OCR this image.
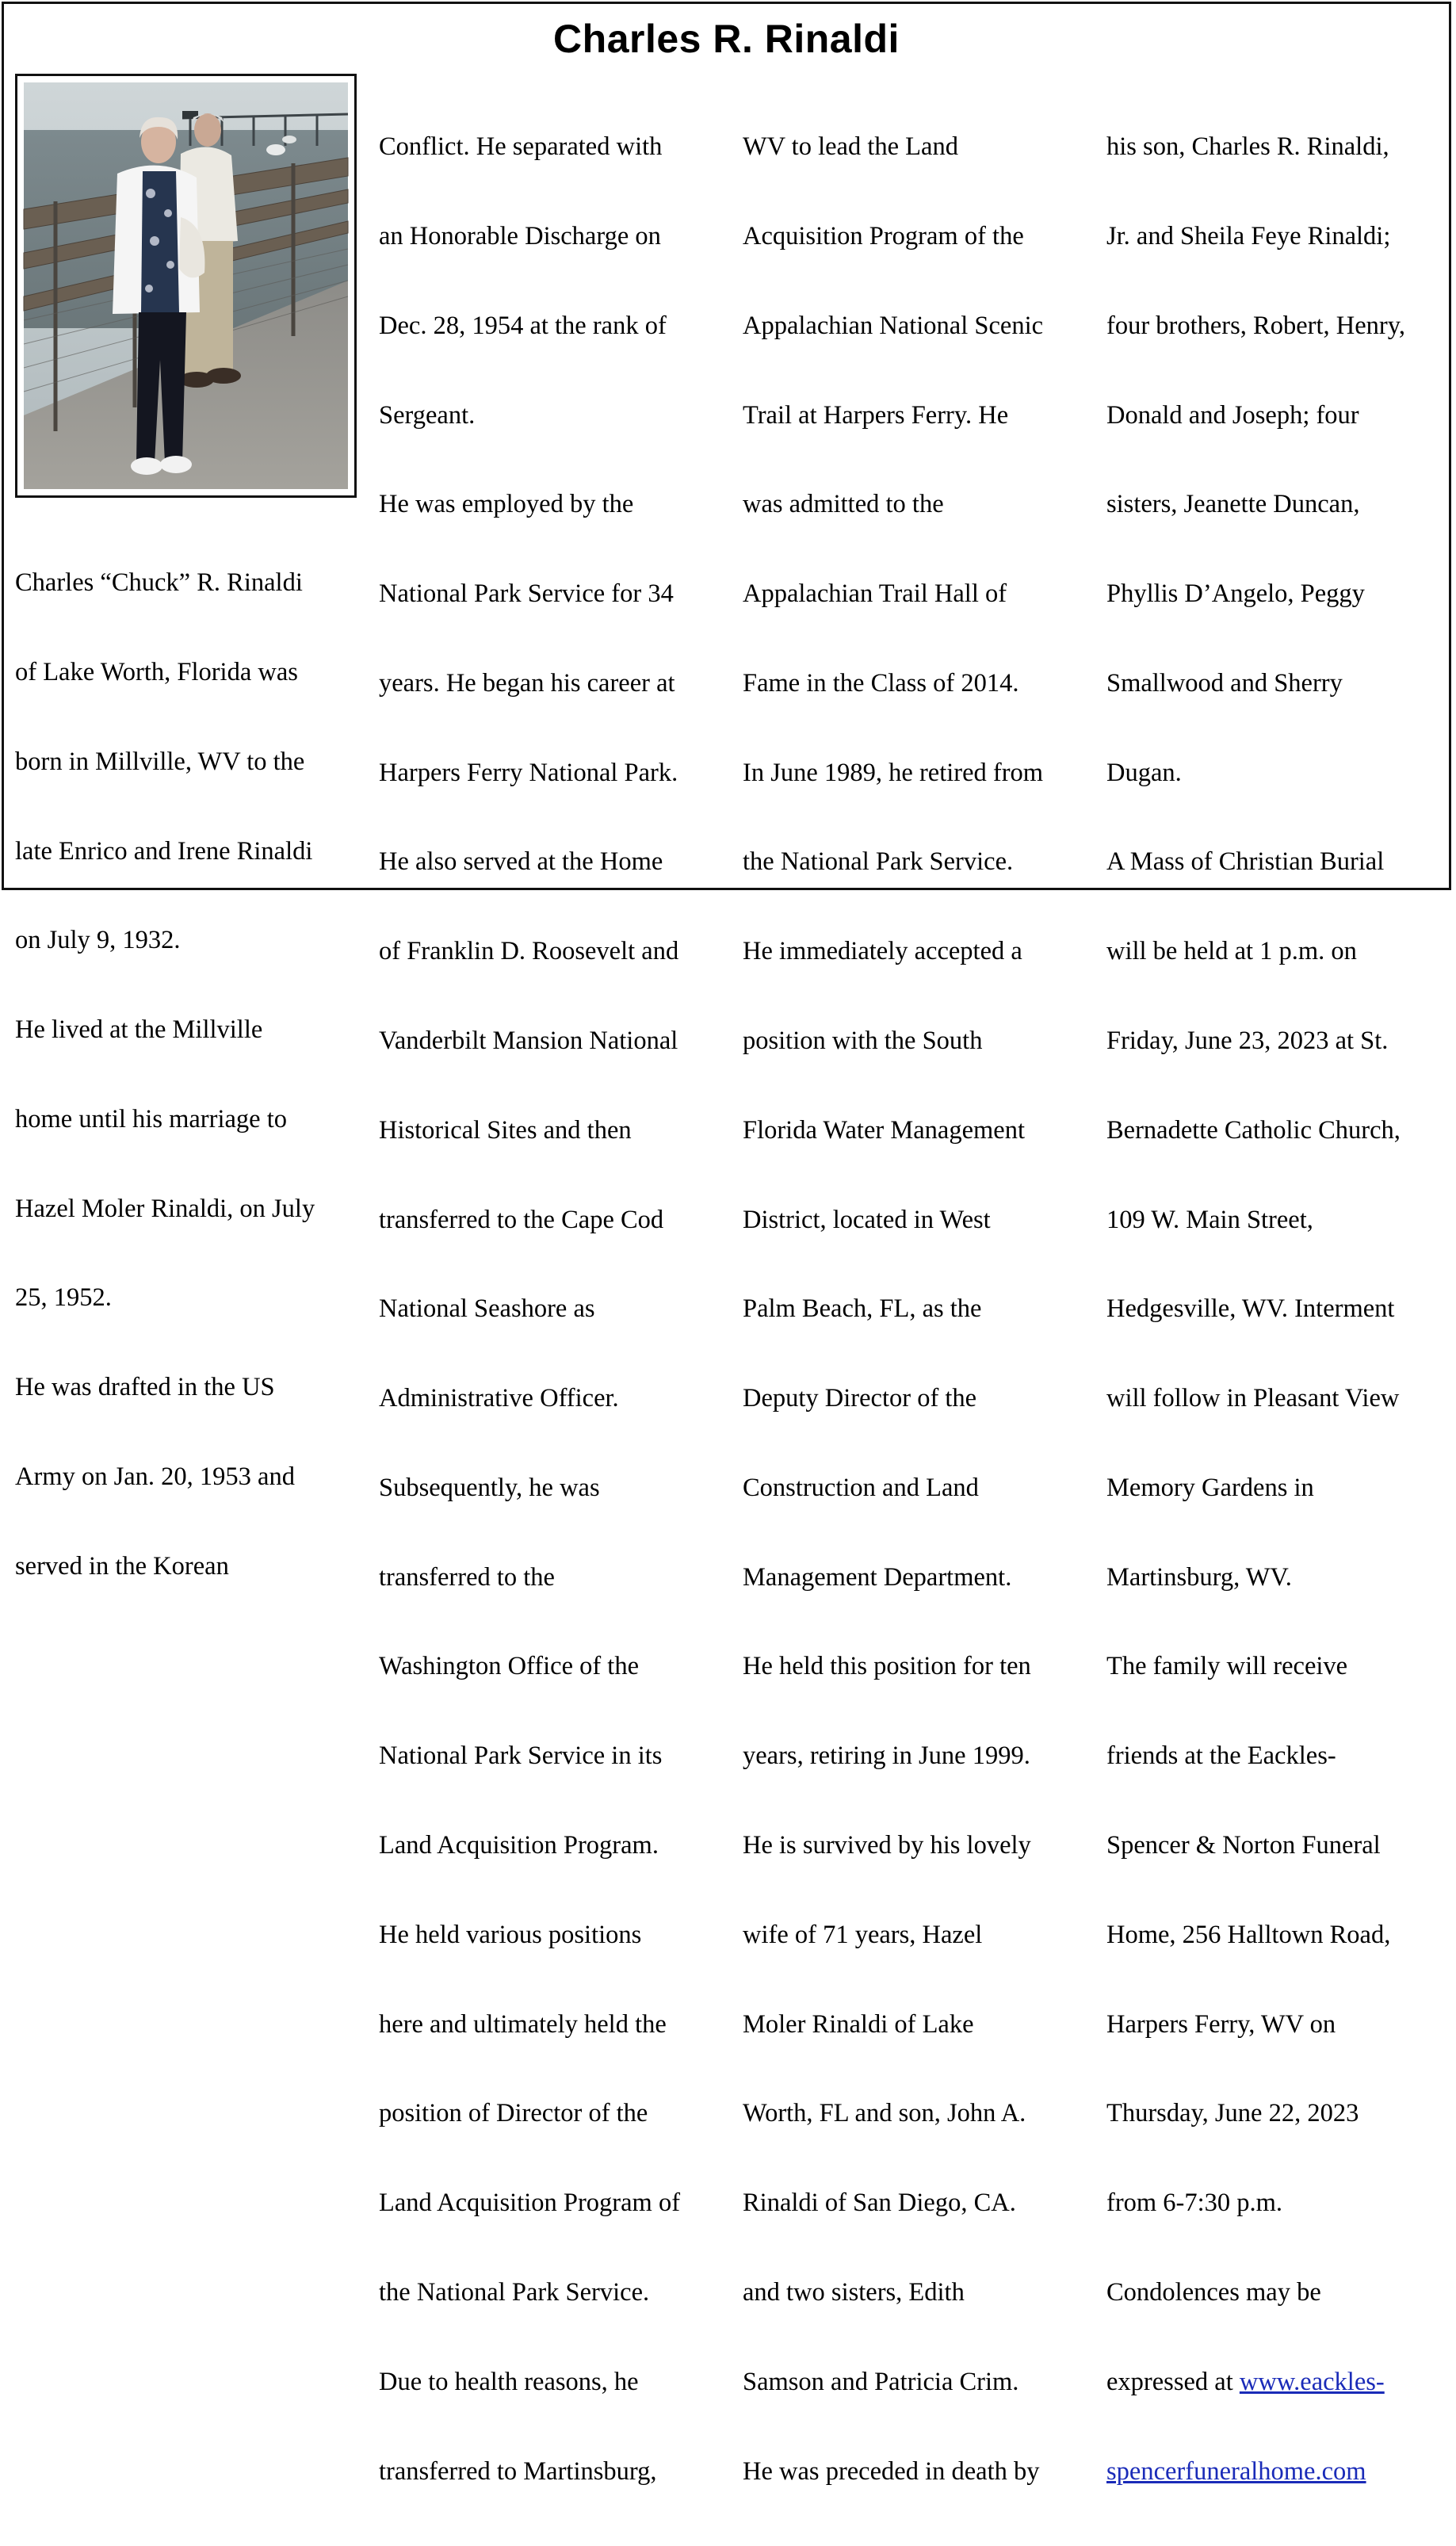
Charles R. Rinaldi

Charles “Chuck” R. Rinaldi

of Lake Worth, Florida was

born in Millville, WV to the

late Enrico and Irene Rinaldi

on July 9, 1932.

He lived at the Millville

home until his marriage to

Hazel Moler Rinaldi, on July

25, 1952.

He was drafted in the US

Army on Jan. 20, 1953 and

served in the Korean

Conflict. He separated with

an Honorable Discharge on

Dec. 28, 1954 at the rank of

Sergeant.

He was employed by the

National Park Service for 34

years. He began his career at

Harpers Ferry National Park.

He also served at the Home

of Franklin D. Roosevelt and

Vanderbilt Mansion National

Historical Sites and then

transferred to the Cape Cod

National Seashore as

Administrative Officer.

Subsequently, he was

transferred to the

Washington Office of the

National Park Service in its

Land Acquisition Program.

He held various positions

here and ultimately held the

position of Director of the

Land Acquisition Program of

the National Park Service.

Due to health reasons, he

transferred to Martinsburg,

WV to lead the Land

Acquisition Program of the

Appalachian National Scenic

Trail at Harpers Ferry. He

was admitted to the

Appalachian Trail Hall of

Fame in the Class of 2014.

In June 1989, he retired from

the National Park Service.

He immediately accepted a

position with the South

Florida Water Management

District, located in West

Palm Beach, FL, as the

Deputy Director of the

Construction and Land

Management Department.

He held this position for ten

years, retiring in June 1999.

He is survived by his lovely

wife of 71 years, Hazel

Moler Rinaldi of Lake

Worth, FL and son, John A.

Rinaldi of San Diego, CA.

and two sisters, Edith

Samson and Patricia Crim.

He was preceded in death by

his son, Charles R. Rinaldi,

Jr. and Sheila Feye Rinaldi;

four brothers, Robert, Henry,

Donald and Joseph; four

sisters, Jeanette Duncan,

Phyllis D’Angelo, Peggy

Smallwood and Sherry

Dugan.

A Mass of Christian Burial

will be held at 1 p.m. on

Friday, June 23, 2023 at St.

Bernadette Catholic Church,

109 W. Main Street,

Hedgesville, WV. Interment

will follow in Pleasant View

Memory Gardens in

Martinsburg, WV.

The family will receive

friends at the Eackles-

Spencer & Norton Funeral

Home, 256 Halltown Road,

Harpers Ferry, WV on

Thursday, June 22, 2023

from 6-7:30 p.m.

Condolences may be

expressed at www.eackles-

spencerfuneralhome.com
